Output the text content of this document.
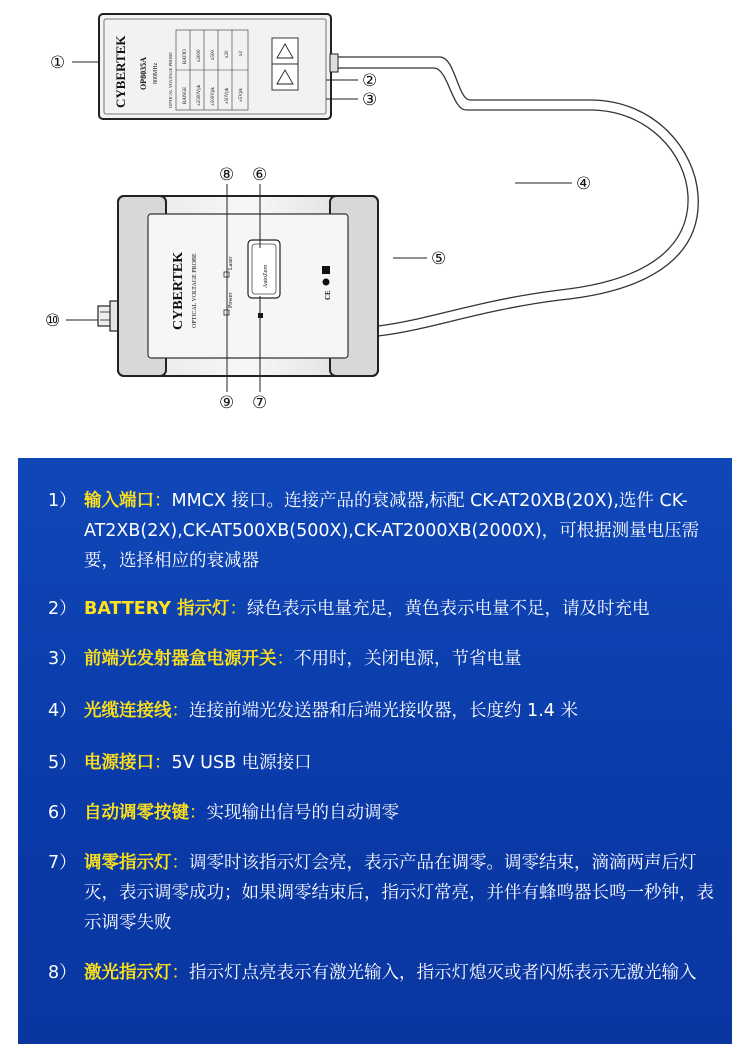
CYBERTEK OP8035A 800MHz OPTICAL VOLTAGE PROBE RANGE
RATIO
±2500Vpk ±500Vpk ±50Vpk ±5Vpk
x2000 x500 x20 x2
CYBERTEK OPTICAL VOLTAGE PROBE	Laser
Power
AutoZero
CE
①
②
③
④
⑤
⑥
⑦
⑧
⑨
⑩
1） 输入端口：MMCX 接口。连接产品的衰减器,标配 CK-AT20XB(20X),选件 CK-AT2XB(2X),CK-AT500XB(500X),CK-AT2000XB(2000X)，可根据测量电压需要，选择相应的衰减器
2） BATTERY 指示灯：绿色表示电量充足，黄色表示电量不足，请及时充电
3） 前端光发射器盒电源开关：不用时，关闭电源，节省电量
4） 光缆连接线：连接前端光发送器和后端光接收器，长度约 1.4 米
5） 电源接口：5V USB 电源接口
6） 自动调零按键：实现输出信号的自动调零
7） 调零指示灯：调零时该指示灯会亮，表示产品在调零。调零结束，滴滴两声后灯灭，表示调零成功；如果调零结束后，指示灯常亮，并伴有蜂鸣器长鸣一秒钟，表示调零失败
8） 激光指示灯：指示灯点亮表示有激光输入，指示灯熄灭或者闪烁表示无激光输入
